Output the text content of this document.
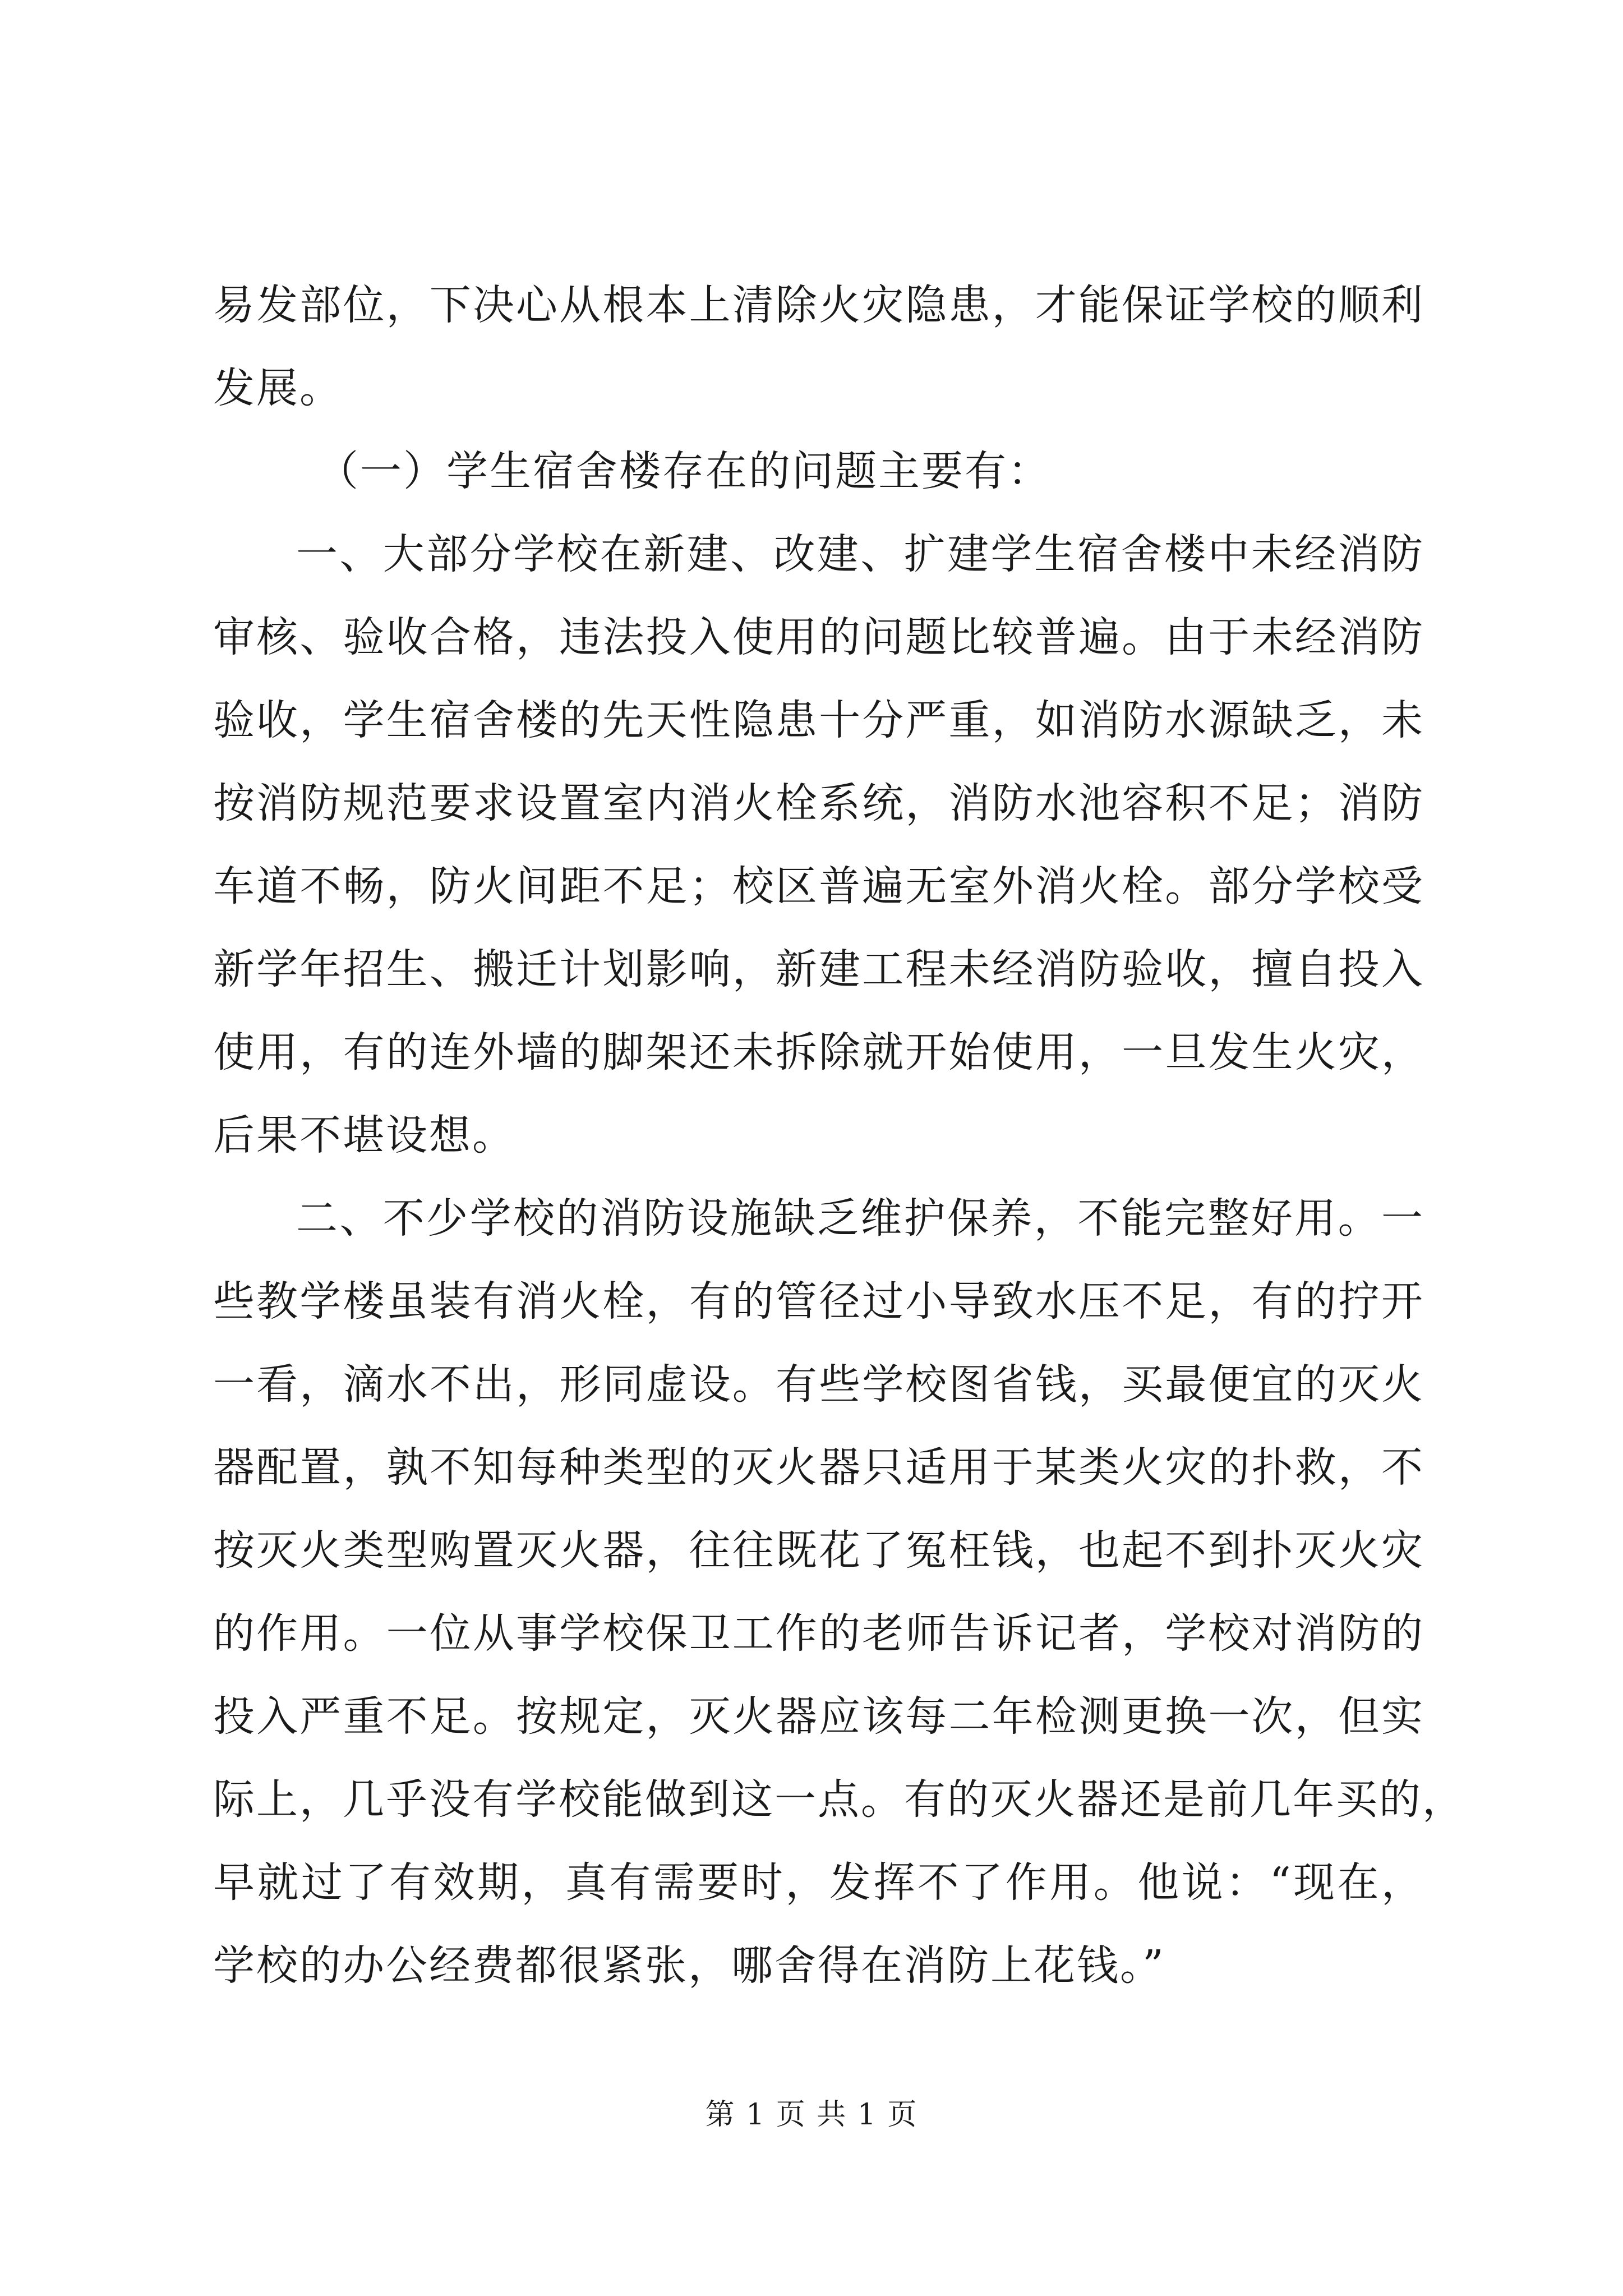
易发部位，下决心从根本上清除火灾隐患，才能保证学校的顺利
发展。
（一）学生宿舍楼存在的问题主要有：
一、大部分学校在新建、改建、扩建学生宿舍楼中未经消防
审核、验收合格，违法投入使用的问题比较普遍。由于未经消防
验收，学生宿舍楼的先天性隐患十分严重，如消防水源缺乏，未
按消防规范要求设置室内消火栓系统，消防水池容积不足；消防
车道不畅，防火间距不足；校区普遍无室外消火栓。部分学校受
新学年招生、搬迁计划影响，新建工程未经消防验收，擅自投入
使用，有的连外墙的脚架还未拆除就开始使用，一旦发生火灾，
后果不堪设想。
二、不少学校的消防设施缺乏维护保养，不能完整好用。一
些教学楼虽装有消火栓，有的管径过小导致水压不足，有的拧开
一看，滴水不出，形同虚设。有些学校图省钱，买最便宜的灭火
器配置，孰不知每种类型的灭火器只适用于某类火灾的扑救，不
按灭火类型购置灭火器，往往既花了冤枉钱，也起不到扑灭火灾
的作用。一位从事学校保卫工作的老师告诉记者，学校对消防的
投入严重不足。按规定，灭火器应该每二年检测更换一次，但实
际上，几乎没有学校能做到这一点。有的灭火器还是前几年买的，
早就过了有效期，真有需要时，发挥不了作用。他说：“现在，
学校的办公经费都很紧张，哪舍得在消防上花钱。”
第 1 页 共 1 页
